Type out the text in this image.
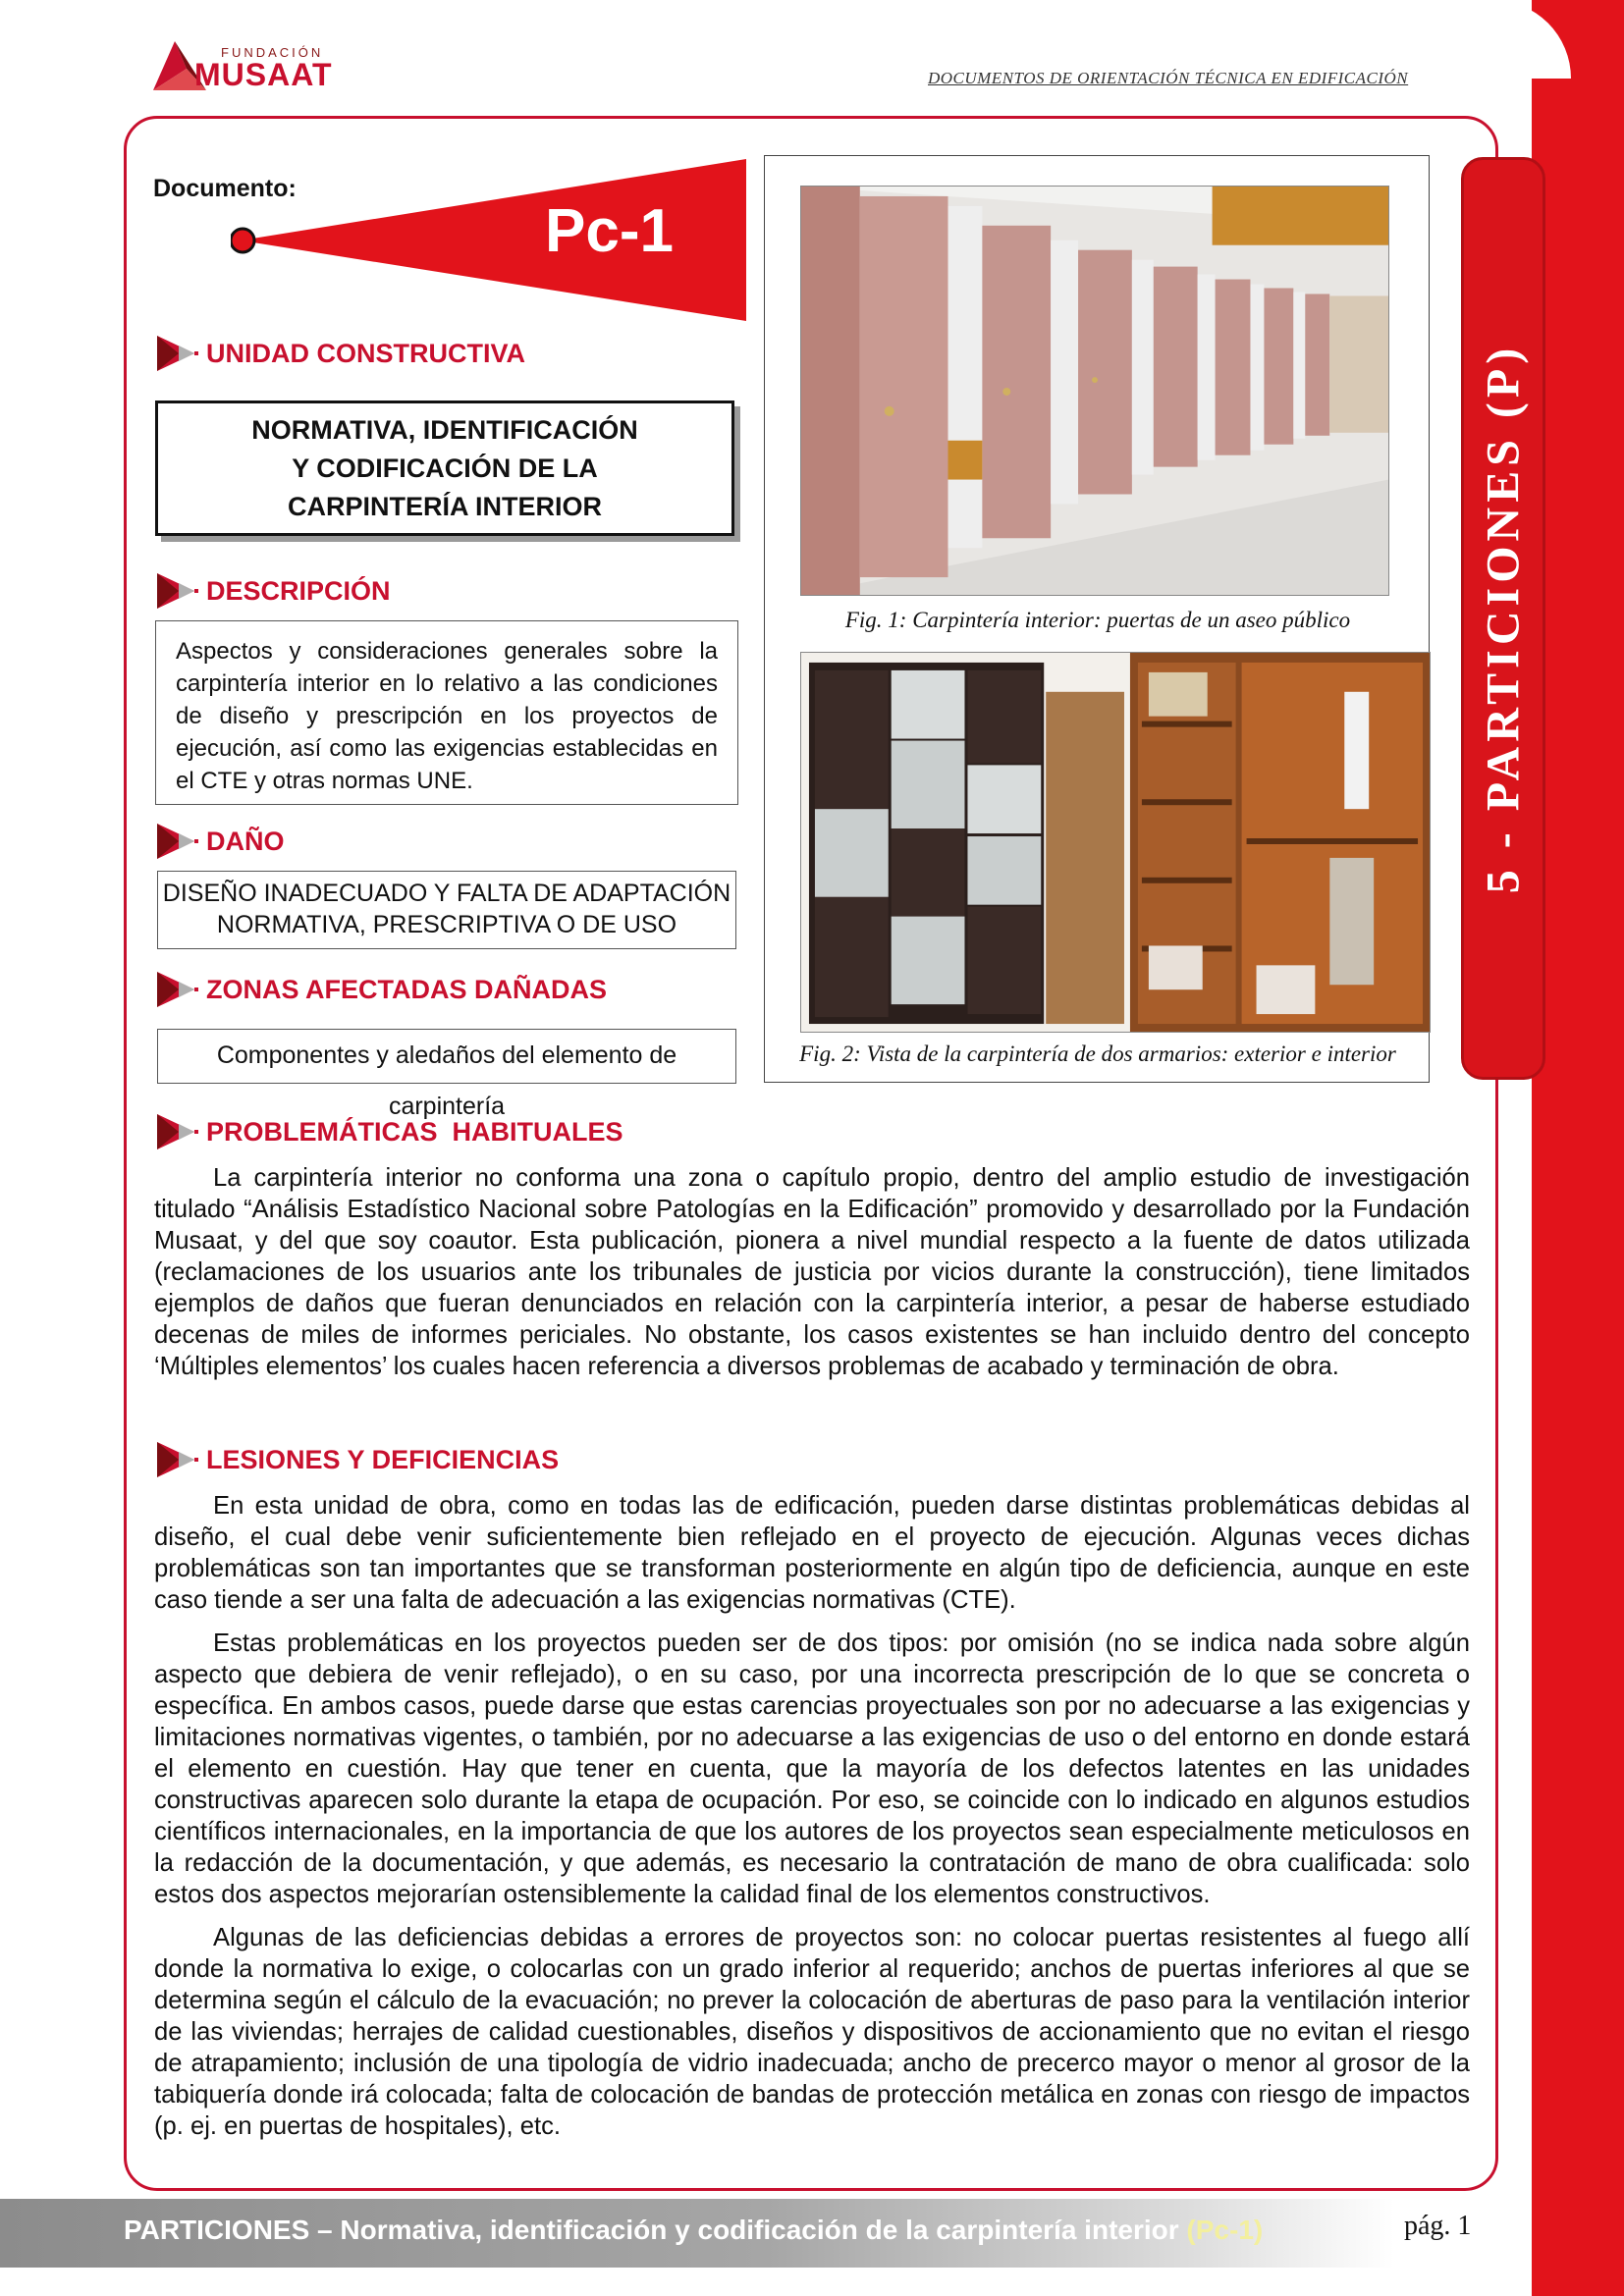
FUNDACIÓN
MUSAAT	DOCUMENTOS DE ORIENTACIÓN TÉCNICA EN EDIFICACIÓN
Documento:
Pc-1
UNIDAD CONSTRUCTIVA
NORMATIVA, IDENTIFICACIÓN
Y CODIFICACIÓN DE LA
CARPINTERÍA INTERIOR
DESCRIPCIÓN
Aspectos y consideraciones generales sobre la carpintería interior en lo relativo a las condiciones de diseño y prescripción en los proyectos de ejecución, así como las exigencias establecidas en el CTE y otras normas UNE.
DAÑO
DISEÑO INADECUADO Y FALTA DE ADAPTACIÓN
NORMATIVA, PRESCRIPTIVA O DE USO
ZONAS AFECTADAS DAÑADAS
Componentes y aledaños del elemento de carpintería
Fig. 1: Carpintería interior: puertas de un aseo público
Fig. 2: Vista de la carpintería de dos armarios: exterior e interior
5 - PARTICIONES (P)
PROBLEMÁTICAS  HABITUALES

La carpintería interior no conforma una zona o capítulo propio, dentro del amplio estudio de investigación titulado “Análisis Estadístico Nacional sobre Patologías en la Edificación” promovido y desarrollado por la Fundación Musaat, y del que soy coautor. Esta publicación, pionera a nivel mundial respecto a la fuente de datos utilizada (reclamaciones de los usuarios ante los tribunales de justicia por vicios durante la construcción), tiene limitados ejemplos de daños que fueran denunciados en relación con la carpintería interior, a pesar de haberse estudiado decenas de miles de informes periciales. No obstante, los casos existentes se han incluido dentro del concepto ‘Múltiples elementos’ los cuales hacen referencia a diversos problemas de acabado y terminación de obra.

LESIONES Y DEFICIENCIAS

En esta unidad de obra, como en todas las de edificación, pueden darse distintas problemáticas debidas al diseño, el cual debe venir suficientemente bien reflejado en el proyecto de ejecución. Algunas veces dichas problemáticas son tan importantes que se transforman posteriormente en algún tipo de deficiencia, aunque en este caso tiende a ser una falta de adecuación a las exigencias normativas (CTE).

Estas problemáticas en los proyectos pueden ser de dos tipos: por omisión (no se indica nada sobre algún aspecto que debiera de venir reflejado), o en su caso, por una incorrecta prescripción de lo que se concreta o específica. En ambos casos, puede darse que estas carencias proyectuales son por no adecuarse a las exigencias y limitaciones normativas vigentes, o también, por no adecuarse a las exigencias de uso o del entorno en donde estará el elemento en cuestión. Hay que tener en cuenta, que la mayoría de los defectos latentes en las unidades constructivas aparecen solo durante la etapa de ocupación. Por eso, se coincide con lo indicado en algunos estudios científicos internacionales, en la importancia de que los autores de los proyectos sean especialmente meticulosos en la redacción de la documentación, y que además, es necesario la contratación de mano de obra cualificada: solo estos dos aspectos mejorarían ostensiblemente la calidad final de los elementos constructivos.

Algunas de las deficiencias debidas a errores de proyectos son: no colocar puertas resistentes al fuego allí donde la normativa lo exige, o colocarlas con un grado inferior al requerido; anchos de puertas inferiores al que se determina según el cálculo de la evacuación; no prever la colocación de aberturas de paso para la ventilación interior de las viviendas; herrajes de calidad cuestionables, diseños y dispositivos de accionamiento que no evitan el riesgo de atrapamiento; inclusión de una tipología de vidrio inadecuada; ancho de precerco mayor o menor al grosor de la tabiquería donde irá colocada; falta de colocación de bandas de protección metálica en zonas con riesgo de impactos (p. ej. en puertas de hospitales), etc.

PARTICIONES – Normativa, identificación y codificación de la carpintería interior (Pc-1)	pág. 1
